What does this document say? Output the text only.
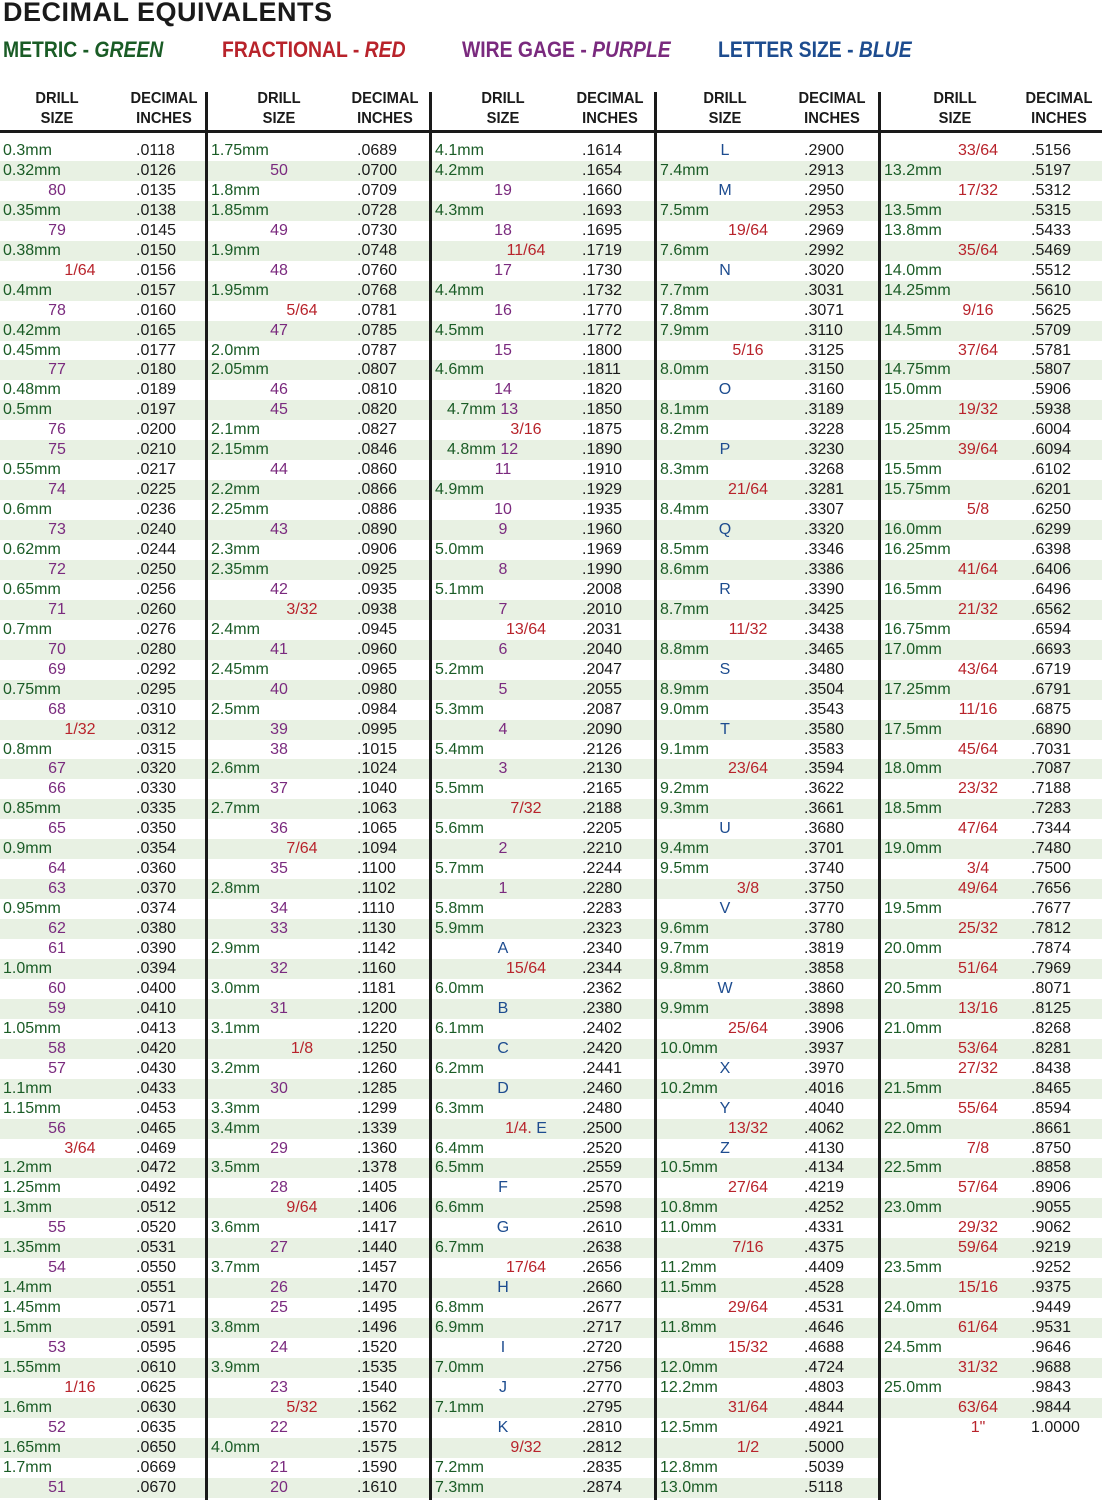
DECIMAL EQUIVALENTS
METRIC - GREEN	FRACTIONAL - RED	WIRE GAGE - PURPLE LETTER SIZE - BLUE
DRILL
SIZE
DECIMAL
INCHES
0.3mm	.0118
0.32mm	.0126
80	.0135
0.35mm	.0138
79	.0145
0.38mm	.0150
1/64	.0156
0.4mm	.0157
78	.0160
0.42mm	.0165
0.45mm	.0177
77	.0180
0.48mm	.0189
0.5mm	.0197
76	.0200
75	.0210
0.55mm	.0217
74	.0225
0.6mm	.0236
73	.0240
0.62mm	.0244
72	.0250
0.65mm	.0256
71	.0260
0.7mm	.0276
70	.0280
69	.0292
0.75mm	.0295
68	.0310
1/32	.0312
0.8mm	.0315
67	.0320
66	.0330
0.85mm	.0335
65	.0350
0.9mm	.0354
64	.0360
63	.0370
0.95mm	.0374
62	.0380
61	.0390
1.0mm	.0394
60	.0400
59	.0410
1.05mm	.0413
58	.0420
57	.0430
1.1mm	.0433
1.15mm	.0453
56	.0465
3/64	.0469
1.2mm	.0472
1.25mm	.0492
1.3mm	.0512
55	.0520
1.35mm	.0531
54	.0550
1.4mm	.0551
1.45mm	.0571
1.5mm	.0591
53	.0595
1.55mm	.0610
1/16	.0625
1.6mm	.0630
52	.0635
1.65mm	.0650
1.7mm	.0669
51	.0670
DRILL
SIZE
DECIMAL
INCHES
1.75mm	.0689
50	.0700
1.8mm	.0709
1.85mm	.0728
49	.0730
1.9mm	.0748
48	.0760
1.95mm	.0768
5/64 .0781
47	.0785
2.0mm	.0787
2.05mm	.0807
46	.0810
45	.0820
2.1mm	.0827
2.15mm	.0846
44	.0860
2.2mm	.0866
2.25mm	.0886
43	.0890
2.3mm	.0906
2.35mm	.0925
42	.0935
3/32 .0938
2.4mm	.0945
41	.0960
2.45mm	.0965
40	.0980
2.5mm	.0984
39	.0995
38	.1015
2.6mm	.1024
37	.1040
2.7mm	.1063
36	.1065
7/64 .1094
35	.1100
2.8mm	.1102
34	.1110
33	.1130
2.9mm	.1142
32	.1160
3.0mm	.1181
31	.1200
3.1mm	.1220
1/8	.1250
3.2mm	.1260
30	.1285
3.3mm	.1299
3.4mm	.1339
29	.1360
3.5mm	.1378
28	.1405
9/64 .1406
3.6mm	.1417
27	.1440
3.7mm	.1457
26	.1470
25	.1495
3.8mm	.1496
24	.1520
3.9mm	.1535
23	.1540
5/32 .1562
22	.1570
4.0mm	.1575
21	.1590
20	.1610
DRILL
SIZE
DECIMAL
INCHES
4.1mm	.1614
4.2mm	.1654
19	.1660
4.3mm	.1693
18	.1695
11/64 .1719
17	.1730
4.4mm	.1732
16	.1770
4.5mm	.1772
15	.1800
4.6mm	.1811
14	.1820
4.7mm 13	.1850
3/16	.1875
4.8mm 12	.1890
11	.1910
4.9mm	.1929
10	.1935
9	.1960
5.0mm	.1969
8	.1990
5.1mm	.2008
7	.2010
13/64 .2031
6	.2040
5.2mm	.2047
5	.2055
5.3mm	.2087
4	.2090
5.4mm	.2126
3	.2130
5.5mm	.2165
7/32	.2188
5.6mm	.2205
2	.2210
5.7mm	.2244
1	.2280
5.8mm	.2283
5.9mm	.2323
A	.2340
15/64 .2344
6.0mm	.2362
B	.2380
6.1mm	.2402
C	.2420
6.2mm	.2441
D	.2460
6.3mm	.2480
1/4. E .2500
6.4mm	.2520
6.5mm	.2559
F	.2570
6.6mm	.2598
G	.2610
6.7mm	.2638
17/64 .2656
H	.2660
6.8mm	.2677
6.9mm	.2717
I	.2720
7.0mm	.2756
J	.2770
7.1mm	.2795
K	.2810
9/32	.2812
7.2mm	.2835
7.3mm	.2874
DRILL
SIZE
DECIMAL
INCHES
L	.2900
7.4mm	.2913
M	.2950
7.5mm	.2953
19/64 .2969
7.6mm	.2992
N	.3020
7.7mm	.3031
7.8mm	.3071
7.9mm	.3110
5/16	.3125
8.0mm	.3150
O	.3160
8.1mm	.3189
8.2mm	.3228
P	.3230
8.3mm	.3268
21/64 .3281
8.4mm	.3307
Q	.3320
8.5mm	.3346
8.6mm	.3386
R	.3390
8.7mm	.3425
11/32 .3438
8.8mm	.3465
S	.3480
8.9mm	.3504
9.0mm	.3543
T	.3580
9.1mm	.3583
23/64 .3594
9.2mm	.3622
9.3mm	.3661
U	.3680
9.4mm	.3701
9.5mm	.3740
3/8	.3750
V	.3770
9.6mm	.3780
9.7mm	.3819
9.8mm	.3858
W	.3860
9.9mm	.3898
25/64 .3906
10.0mm	.3937
X	.3970
10.2mm	.4016
Y	.4040
13/32 .4062
Z	.4130
10.5mm	.4134
27/64 .4219
10.8mm	.4252
11.0mm	.4331
7/16	.4375
11.2mm	.4409
11.5mm	.4528
29/64 .4531
11.8mm	.4646
15/32 .4688
12.0mm	.4724
12.2mm	.4803
31/64 .4844
12.5mm	.4921
1/2	.5000
12.8mm	.5039
13.0mm	.5118
DRILL
SIZE
DECIMAL
INCHES
33/64 .5156
13.2mm	.5197
17/32 .5312
13.5mm	.5315
13.8mm	.5433
35/64 .5469
14.0mm	.5512
14.25mm	.5610
9/16 .5625
14.5mm	.5709
37/64 .5781
14.75mm	.5807
15.0mm	.5906
19/32 .5938
15.25mm	.6004
39/64 .6094
15.5mm	.6102
15.75mm	.6201
5/8	.6250
16.0mm	.6299
16.25mm	.6398
41/64 .6406
16.5mm	.6496
21/32 .6562
16.75mm	.6594
17.0mm	.6693
43/64 .6719
17.25mm	.6791
11/16 .6875
17.5mm	.6890
45/64 .7031
18.0mm	.7087
23/32 .7188
18.5mm	.7283
47/64 .7344
19.0mm	.7480
3/4	.7500
49/64 .7656
19.5mm	.7677
25/32 .7812
20.0mm	.7874
51/64 .7969
20.5mm	.8071
13/16 .8125
21.0mm	.8268
53/64 .8281
27/32 .8438
21.5mm	.8465
55/64 .8594
22.0mm	.8661
7/8	.8750
22.5mm	.8858
57/64 .8906
23.0mm	.9055
29/32 .9062
59/64 .9219
23.5mm	.9252
15/16 .9375
24.0mm	.9449
61/64 .9531
24.5mm	.9646
31/32 .9688
25.0mm	.9843
63/64 .9844
1"	1.0000
